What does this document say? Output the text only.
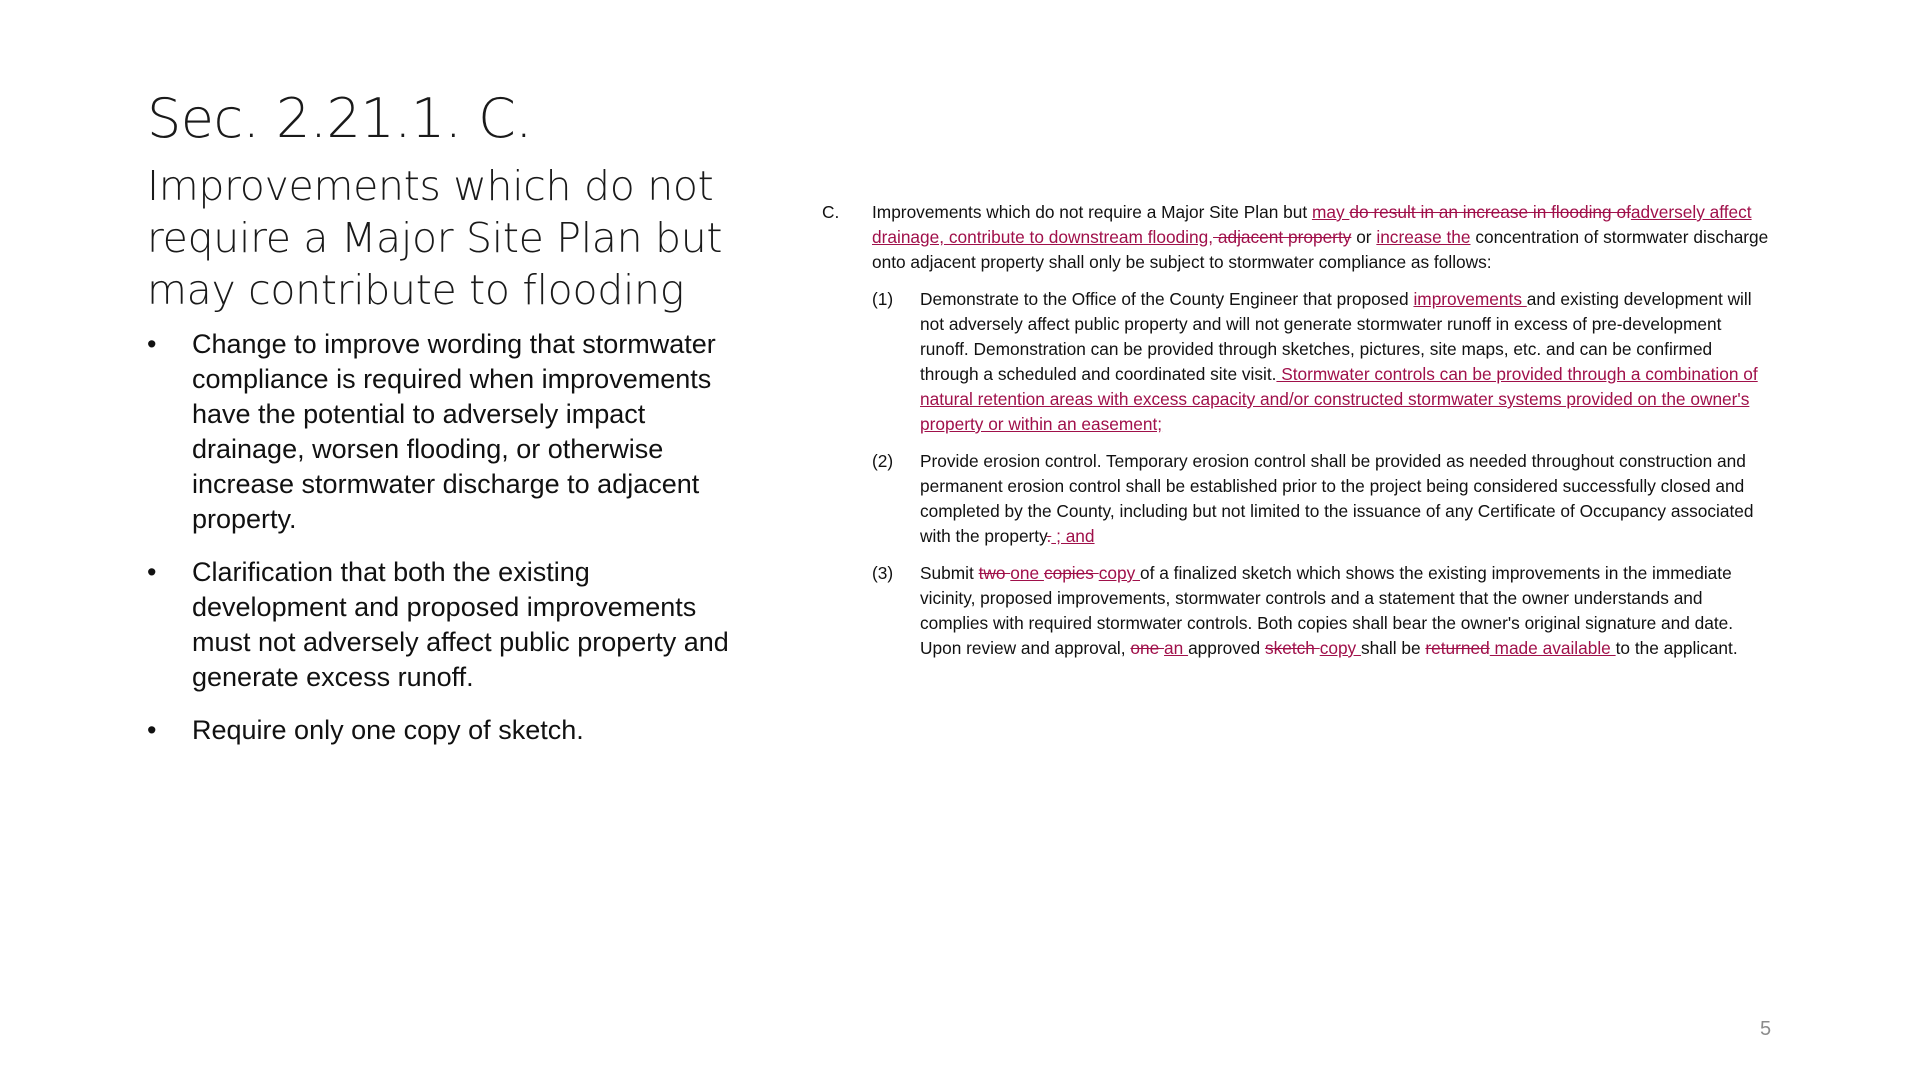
Sec. 2.21.1. C.
Improvements which do not require a Major Site Plan but may contribute to flooding
• Change to improve wording that stormwater compliance is required when improvements have the potential to adversely impact drainage, worsen flooding, or otherwise increase stormwater discharge to adjacent property.
• Clarification that both the existing development and proposed improvements must not adversely affect public property and generate excess runoff.
• Require only one copy of sketch.
C. Improvements which do not require a Major Site Plan but may do result in an increase in flooding ofadversely affect drainage, contribute to downstream flooding, adjacent property or increase the concentration of stormwater discharge onto adjacent property shall only be subject to stormwater compliance as follows:
(1) Demonstrate to the Office of the County Engineer that proposed improvements and existing development will not adversely affect public property and will not generate stormwater runoff in excess of pre-development runoff. Demonstration can be provided through sketches, pictures, site maps, etc. and can be confirmed through a scheduled and coordinated site visit. Stormwater controls can be provided through a combination of natural retention areas with excess capacity and/or constructed stormwater systems provided on the owner's property or within an easement;
(2) Provide erosion control. Temporary erosion control shall be provided as needed throughout construction and permanent erosion control shall be established prior to the project being considered successfully closed and completed by the County, including but not limited to the issuance of any Certificate of Occupancy associated with the property. ; and
(3) Submit two one copies copy of a finalized sketch which shows the existing improvements in the immediate vicinity, proposed improvements, stormwater controls and a statement that the owner understands and complies with required stormwater controls. Both copies shall bear the owner's original signature and date. Upon review and approval, one an approved sketch copy shall be returned made available to the applicant.
5
